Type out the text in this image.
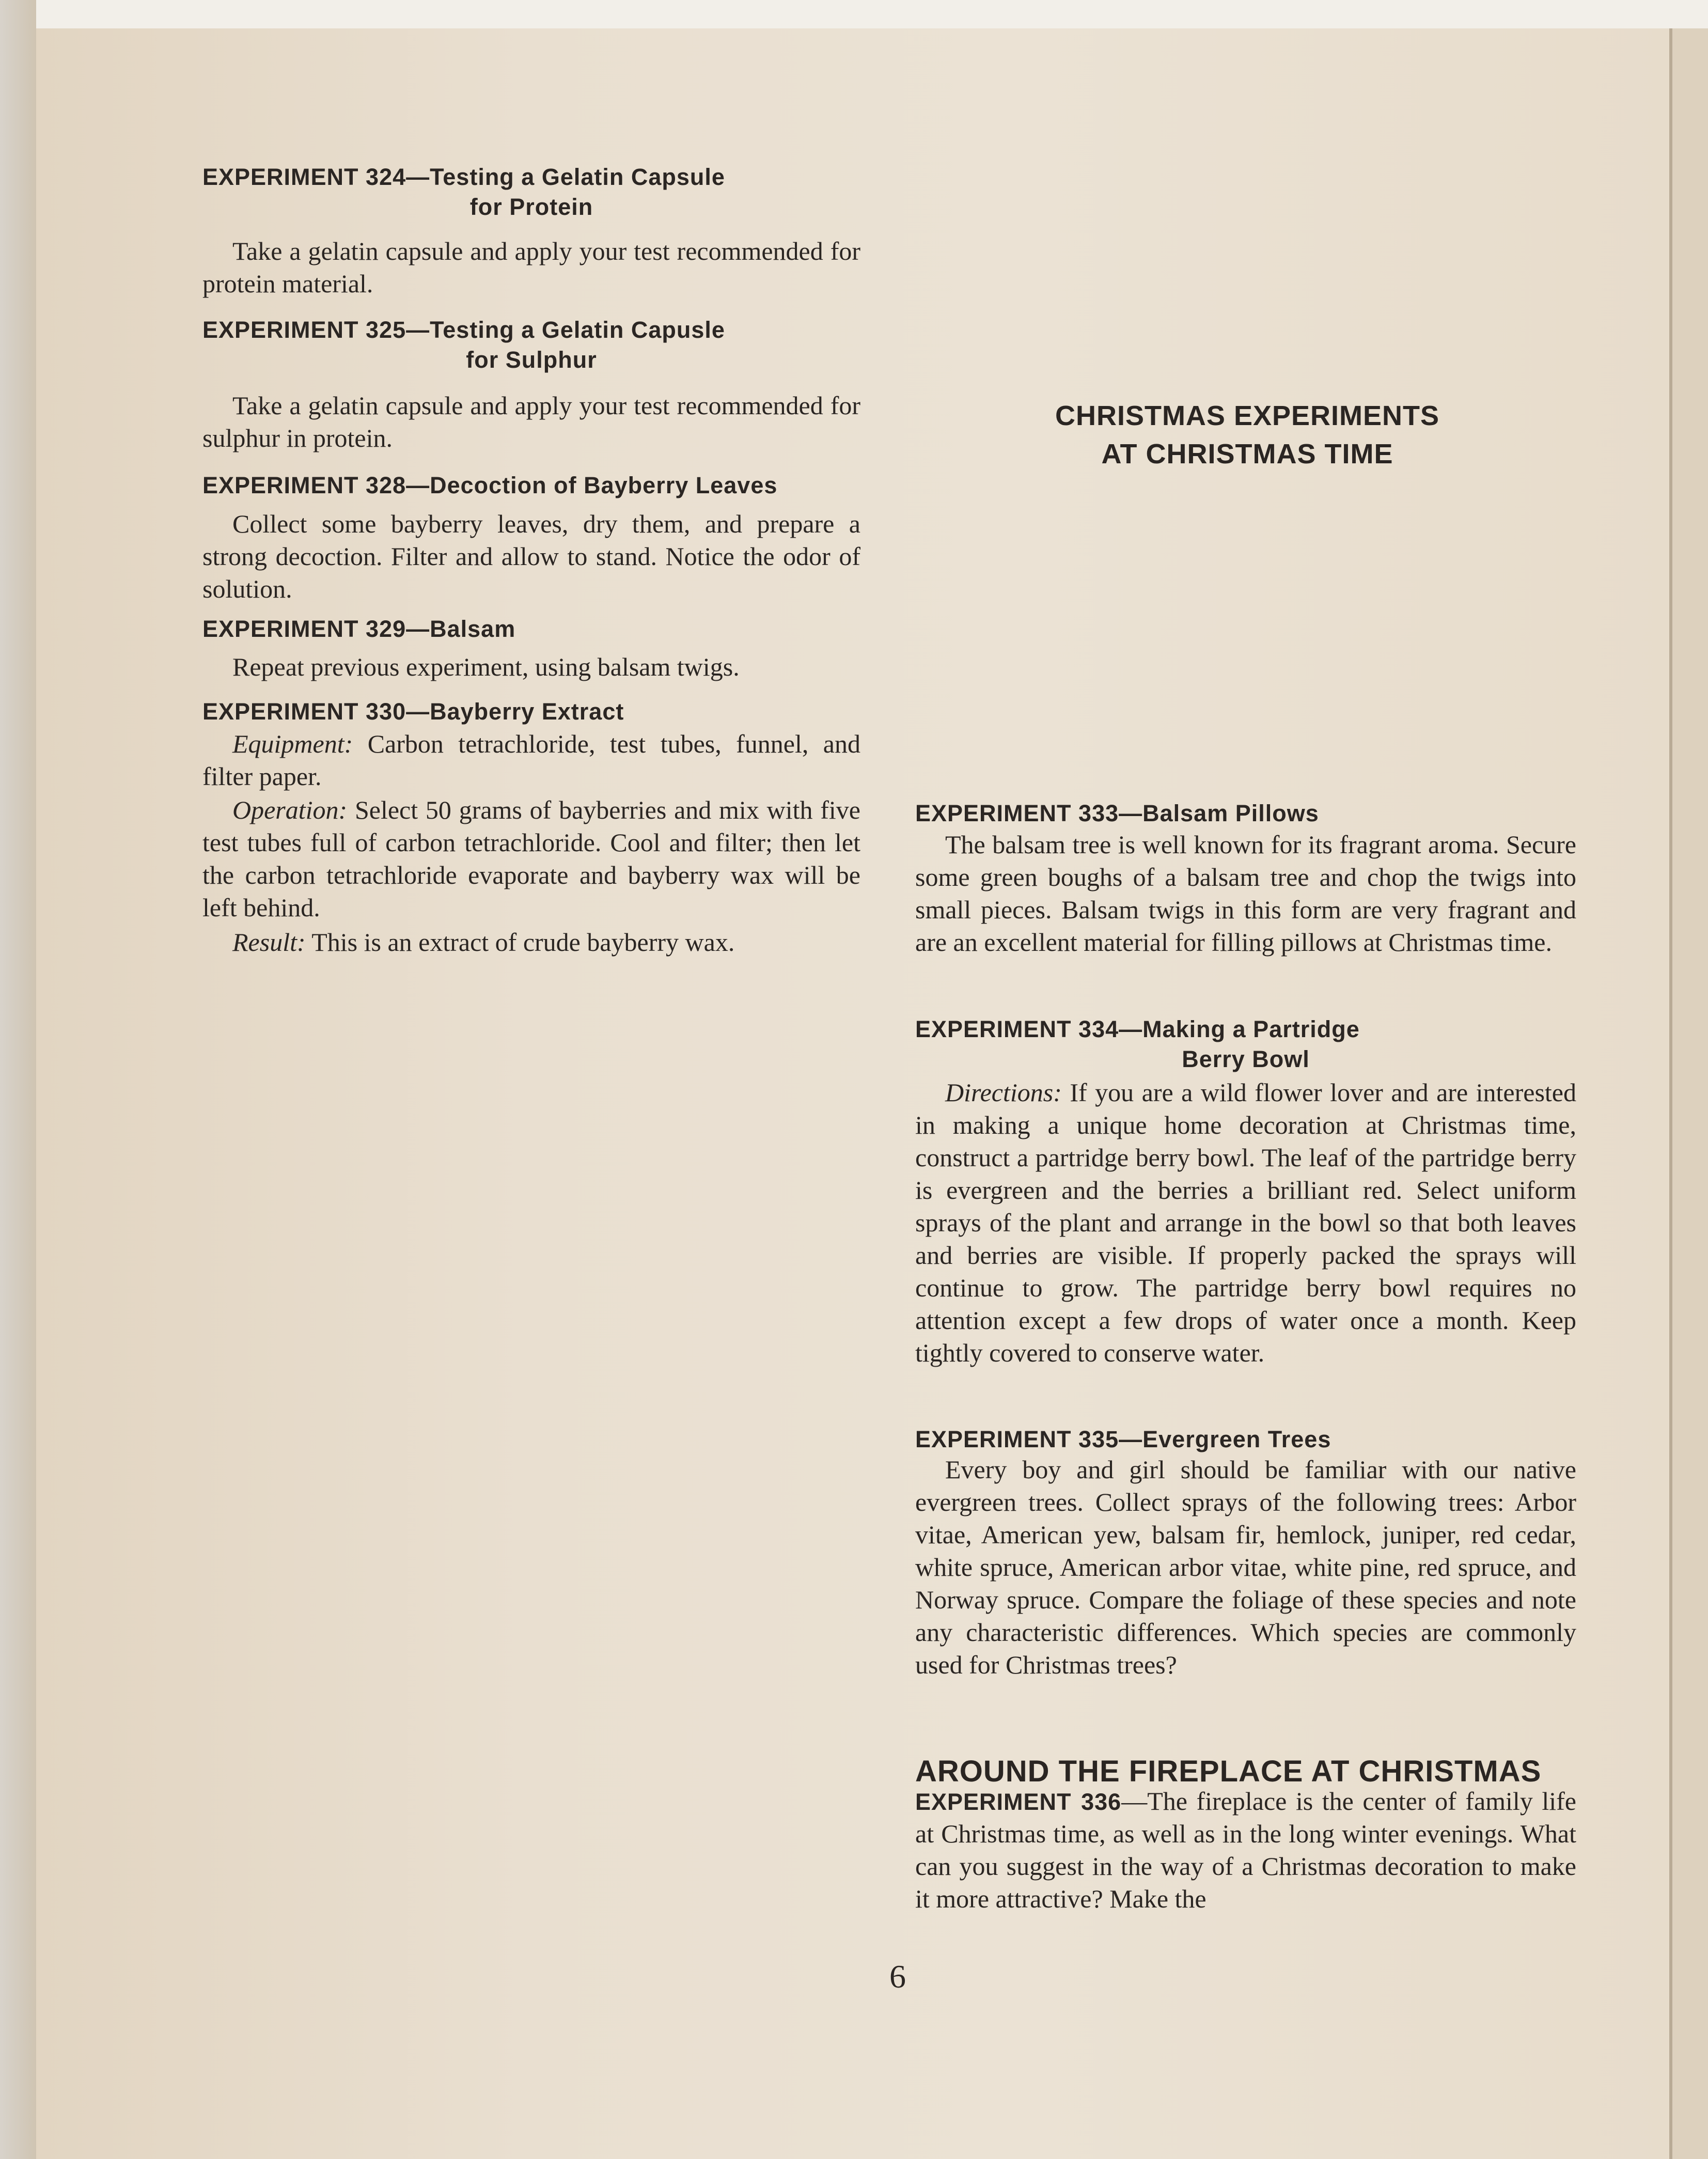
EXPERIMENT 324—Testing a Gelatin Capsule
for Protein
Take a gelatin capsule and apply your test recommended for protein material.
EXPERIMENT 325—Testing a Gelatin Capusle
for Sulphur
Take a gelatin capsule and apply your test recommended for sulphur in protein.
EXPERIMENT 328—Decoction of Bayberry Leaves
Collect some bayberry leaves, dry them, and prepare a strong decoction. Filter and allow to stand. Notice the odor of solution.
EXPERIMENT 329—Balsam
Repeat previous experiment, using balsam twigs.
EXPERIMENT 330—Bayberry Extract
Equipment: Carbon tetrachloride, test tubes, funnel, and filter paper.
Operation: Select 50 grams of bayberries and mix with five test tubes full of carbon tetrachloride. Cool and filter; then let the carbon tetrachloride evaporate and bayberry wax will be left behind.
Result: This is an extract of crude bayberry wax.
CHRISTMAS EXPERIMENTS
AT CHRISTMAS TIME
EXPERIMENT 333—Balsam Pillows
The balsam tree is well known for its fragrant aroma. Secure some green boughs of a balsam tree and chop the twigs into small pieces. Balsam twigs in this form are very fragrant and are an excellent material for filling pillows at Christmas time.
EXPERIMENT 334—Making a Partridge
Berry Bowl
Directions: If you are a wild flower lover and are interested in making a unique home decoration at Christmas time, construct a partridge berry bowl. The leaf of the partridge berry is evergreen and the berries a brilliant red. Select uniform sprays of the plant and arrange in the bowl so that both leaves and berries are visible. If properly packed the sprays will continue to grow. The partridge berry bowl requires no attention except a few drops of water once a month. Keep tightly covered to conserve water.
EXPERIMENT 335—Evergreen Trees
Every boy and girl should be familiar with our native evergreen trees. Collect sprays of the following trees: Arbor vitae, American yew, balsam fir, hemlock, juniper, red cedar, white spruce, American arbor vitae, white pine, red spruce, and Norway spruce. Compare the foliage of these species and note any characteristic differences. Which species are commonly used for Christmas trees?
AROUND THE FIREPLACE AT CHRISTMAS
EXPERIMENT 336—The fireplace is the center of family life at Christmas time, as well as in the long winter evenings. What can you suggest in the way of a Christmas decoration to make it more attractive? Make the
6
